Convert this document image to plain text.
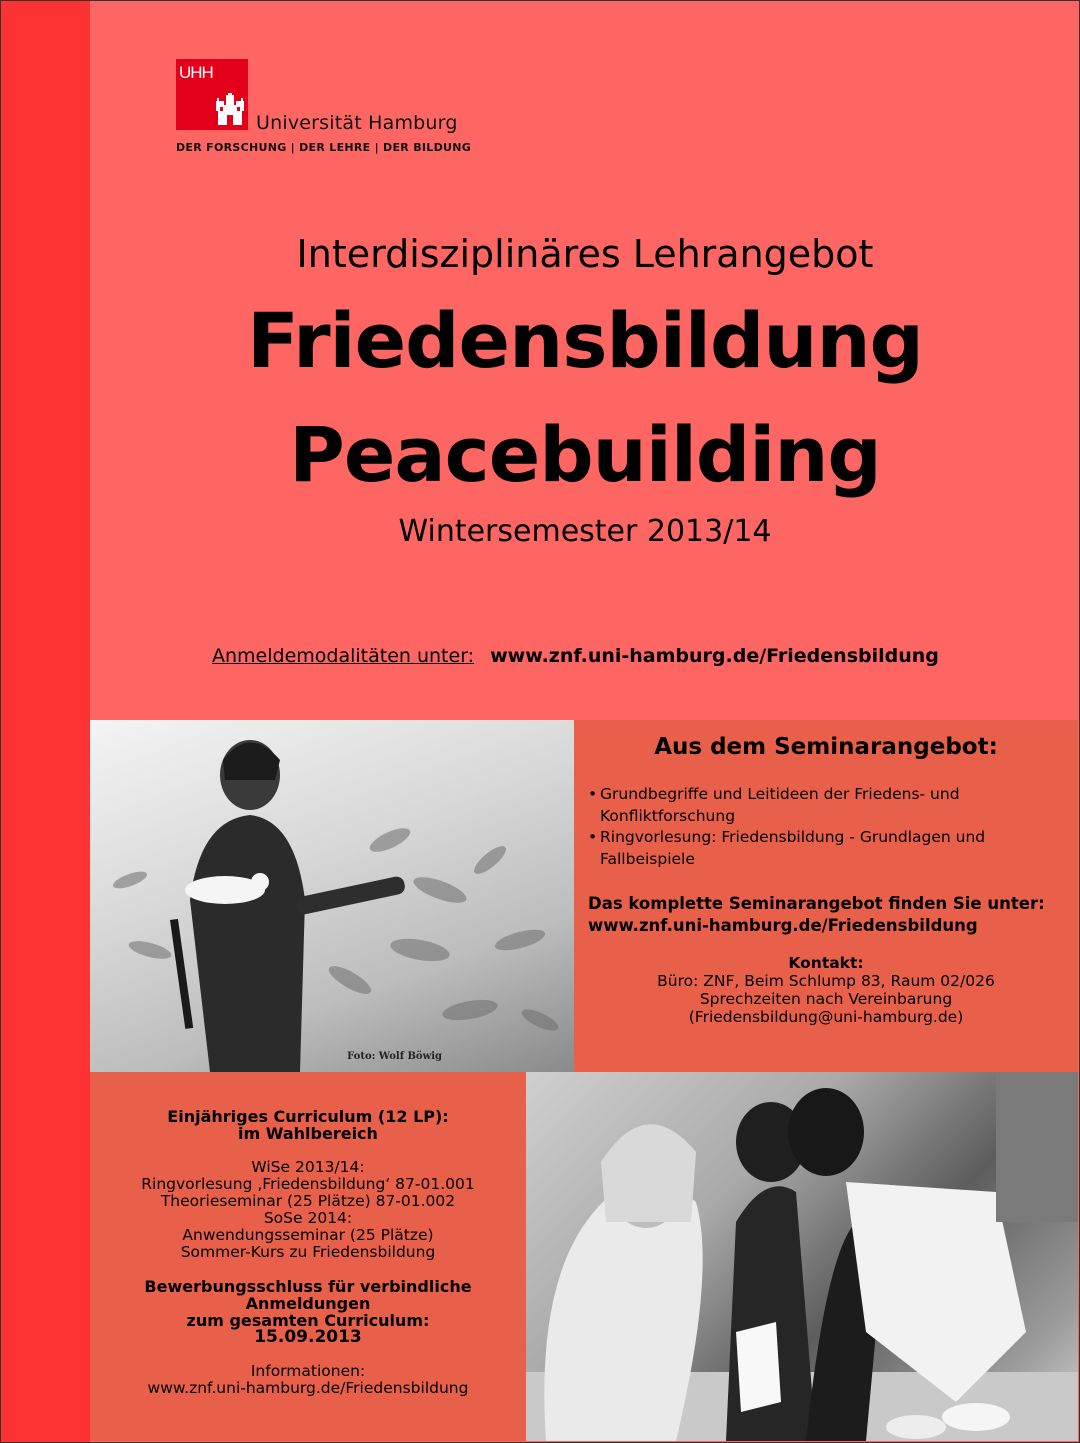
UHH
Universität Hamburg
DER FORSCHUNG | DER LEHRE | DER BILDUNG
Interdisziplinäres Lehrangebot
Friedensbildung
Peacebuilding
Wintersemester 2013/14
Anmeldemodalitäten unter: www.znf.uni-hamburg.de/Friedensbildung
Foto: Wolf Böwig
Aus dem Seminarangebot:
• Grundbegriffe und Leitideen der Friedens- und Konfliktforschung
• Ringvorlesung: Friedensbildung - Grundlagen und Fallbeispiele
Das komplette Seminarangebot finden Sie unter:
www.znf.uni-hamburg.de/Friedensbildung
Kontakt:
Büro: ZNF, Beim Schlump 83, Raum 02/026
Sprechzeiten nach Vereinbarung
(Friedensbildung@uni-hamburg.de)
Einjähriges Curriculum (12 LP):
im Wahlbereich
WiSe 2013/14:
Ringvorlesung ‚Friedensbildung‘ 87-01.001
Theorieseminar (25 Plätze) 87-01.002
SoSe 2014:
Anwendungsseminar (25 Plätze)
Sommer-Kurs zu Friedensbildung
Bewerbungsschluss für verbindliche Anmeldungen
zum gesamten Curriculum:
15.09.2013
Informationen:
www.znf.uni-hamburg.de/Friedensbildung
